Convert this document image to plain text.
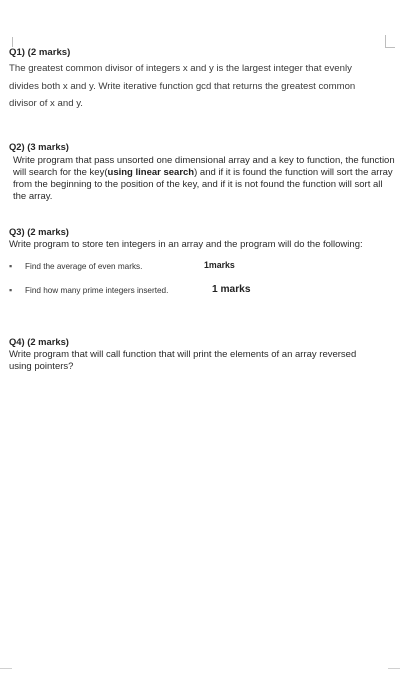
Q1) (2 marks)

The greatest common divisor of integers x and y is the largest integer that evenly divides both x and y. Write iterative function gcd that returns the greatest common divisor of x and y.

Q2) (3 marks)

Write program that pass unsorted one dimensional array and a key to function, the function will search for the key(using linear search) and if it is found the function will sort the array from the beginning to the position of the key, and if it is not found the function will sort all the array.

Q3) (2 marks)

Write program to store ten integers in an array and the program will do the following:

▪ Find the average of even marks.	1marks
▪ Find how many prime integers inserted.	1 marks

Q4) (2 marks)

Write program that will call function that will print the elements of an array reversed using pointers?
